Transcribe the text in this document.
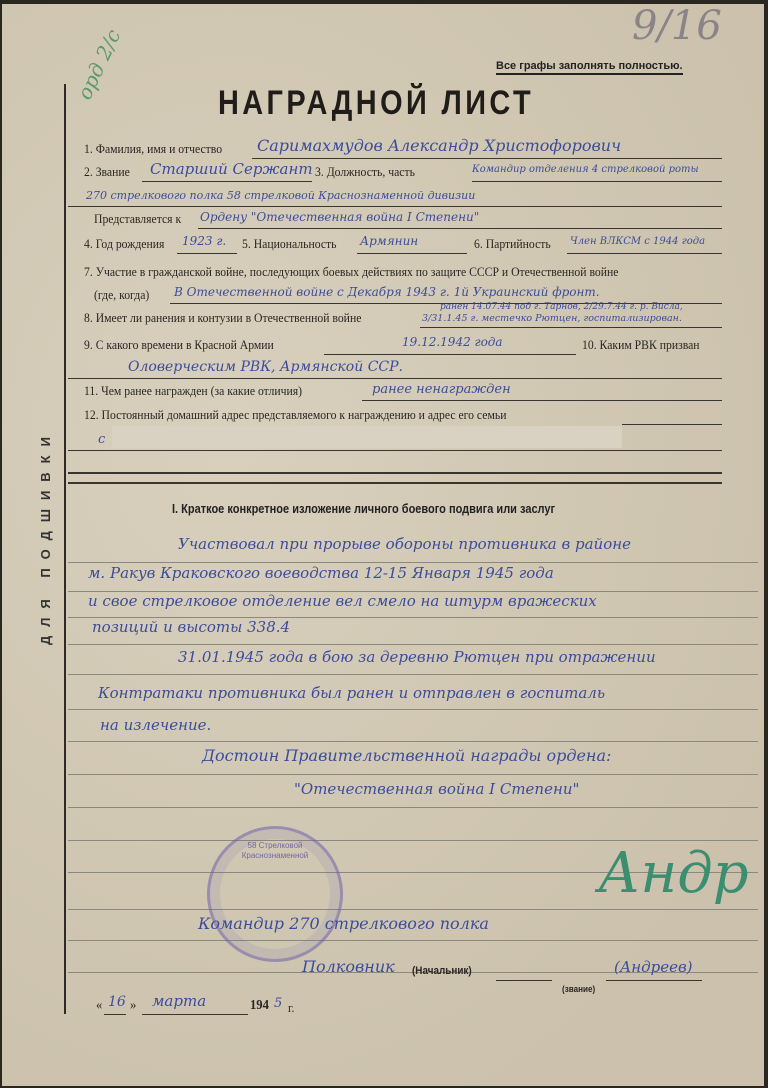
ДЛЯ ПОДШИВКИ
орд 2/с	9/16
Все графы заполнять полностью.
НАГРАДНОЙ ЛИСТ
1. Фамилия, имя и отчество Саримахмудов Александр Христофорович
2. Звание Старший Сержант 3. Должность, часть	Командир отделения 4 стрелковой роты
270 стрелкового полка 58 стрелковой Краснознаменной дивизии
Представляется к Ордену "Отечественная война I Степени"
4. Год рождения 1923 г. 5. Национальность Армянин	6. Партийность Член ВЛКСМ с 1944 года
7. Участие в гражданской войне, последующих боевых действиях по защите СССР и Отечественной войне
(где, когда) В Отечественной войне с Декабря 1943 г. 1й Украинский фронт.
8. Имеет ли ранения и контузии в Отечественной войне
ранен 14.07.44 под г. Тарнов, 2/29.7.44 г. р. Вислa,
3/31.1.45 г. местечко Рютцен, госпитализирован.
9. С какого времени в Красной Армии	19.12.1942 года	10. Каким РВК призван
Оловерческим РВК, Армянской ССР.
11. Чем ранее награжден (за какие отличия)	ранее ненагражден
12. Постоянный домашний адрес представляемого к награждению и адрес его семьи
с
I. Краткое конкретное изложение личного боевого подвига или заслуг
Участвовал при прорыве обороны противника в районе
м. Ракув Краковского воеводства 12-15 Января 1945 года
и свое стрелковое отделение вел смело на штурм вражеских
позиций и высоты 338.4
31.01.1945 года в бою за деревню Рютцен при отражении
Контратаки противника был ранен и отправлен в госпиталь
на излечение.
Достоин Правительственной награды ордена:
"Отечественная война I Степени"
58 Стрелковой Краснознаменной
Командир 270 стрелкового полка
Полковник (Начальник)
(звание)
(Андреев)
Андр
« 16 » марта	194 5 г.
